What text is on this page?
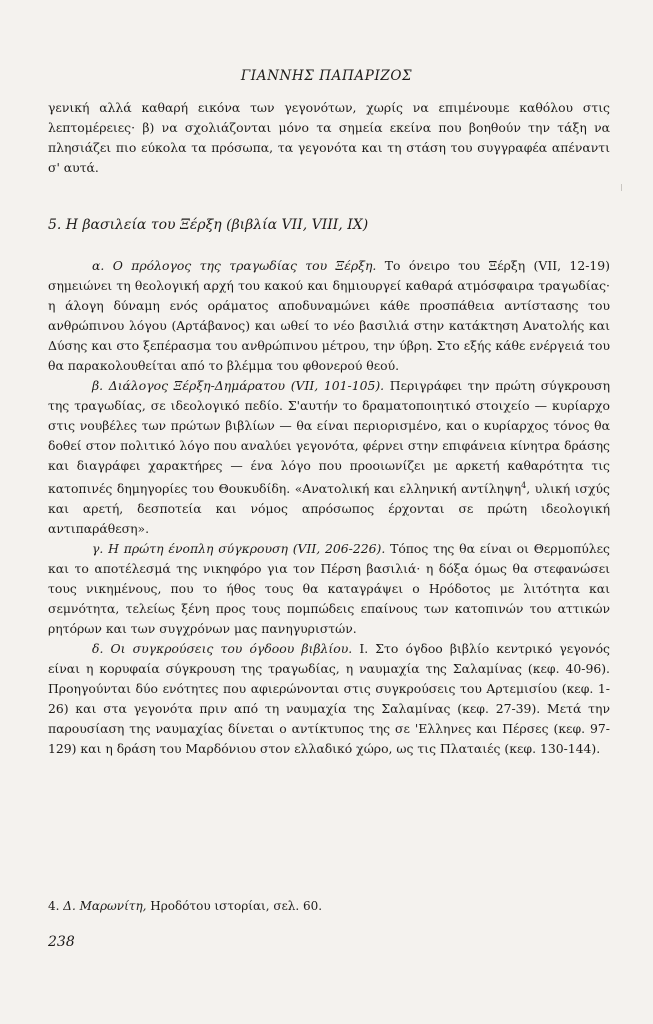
ΓΙΑΝΝΗΣ ΠΑΠΑΡΙΖΟΣ

γενική αλλά καθαρή εικόνα των γεγονότων, χωρίς να επιμένουμε καθόλου στις λεπτομέρειες· β) να σχολιάζονται μόνο τα σημεία εκείνα που βοηθούν την τάξη να πλησιάζει πιο εύκολα τα πρόσωπα, τα γεγονότα και τη στάση του συγγραφέα απέναντι σ' αυτά.

5. Η βασιλεία του Ξέρξη (βιβλία VII, VIII, IX)

α. Ο πρόλογος της τραγωδίας του Ξέρξη. Το όνειρο του Ξέρξη (VII, 12-19) σημειώνει τη θεολογική αρχή του κακού και δημιουργεί καθαρά ατμόσφαιρα τραγωδίας· η άλογη δύναμη ενός οράματος αποδυναμώνει κάθε προσπάθεια αντίστασης του ανθρώπινου λόγου (Αρτάβανος) και ωθεί το νέο βασιλιά στην κατάκτηση Ανατολής και Δύσης και στο ξεπέρασμα του ανθρώπινου μέτρου, την ύβρη. Στο εξής κάθε ενέργειά του θα παρακολουθείται από το βλέμμα του φθονερού θεού.

β. Διάλογος Ξέρξη-Δημάρατου (VII, 101-105). Περιγράφει την πρώτη σύγκρουση της τραγωδίας, σε ιδεολογικό πεδίο. Σ'αυτήν το δραματοποιητικό στοιχείο — κυρίαρχο στις νουβέλες των πρώτων βιβλίων — θα είναι περιορισμένο, και ο κυρίαρχος τόνος θα δοθεί στον πολιτικό λόγο που αναλύει γεγονότα, φέρνει στην επιφάνεια κίνητρα δράσης και διαγράφει χαρακτήρες — ένα λόγο που προοιωνίζει με αρκετή καθαρότητα τις κατοπινές δημηγορίες του Θουκυδίδη. «Ανατολική και ελληνική αντίληψη$^4$, υλική ισχύς και αρετή, δεσποτεία και νόμος απρόσωπος έρχονται σε πρώτη ιδεολογική αντιπαράθεση».

γ. Η πρώτη ένοπλη σύγκρουση (VII, 206-226). Τόπος της θα είναι οι Θερμοπύλες και το αποτέλεσμά της νικηφόρο για τον Πέρση βασιλιά· η δόξα όμως θα στεφανώσει τους νικημένους, που το ήθος τους θα καταγράψει ο Ηρόδοτος με λιτότητα και σεμνότητα, τελείως ξένη προς τους πομπώδεις επαίνους των κατοπινών του αττικών ρητόρων και των συγχρόνων μας πανηγυριστών.

δ. Οι συγκρούσεις του όγδοου βιβλίου. Ι. Στο όγδοο βιβλίο κεντρικό γεγονός είναι η κορυφαία σύγκρουση της τραγωδίας, η ναυμαχία της Σαλαμίνας (κεφ. 40-96). Προηγούνται δύο ενότητες που αφιερώνονται στις συγκρούσεις του Αρτεμισίου (κεφ. 1-26) και στα γεγονότα πριν από τη ναυμαχία της Σαλαμίνας (κεφ. 27-39). Μετά την παρουσίαση της ναυμαχίας δίνεται ο αντίκτυπος της σε 'Ελληνες και Πέρσες (κεφ. 97-129) και η δράση του Μαρδόνιου στον ελλαδικό χώρο, ως τις Πλαταιές (κεφ. 130-144).

4. Δ. Μαρωνίτη, Ηροδότου ιστορίαι, σελ. 60.
238
